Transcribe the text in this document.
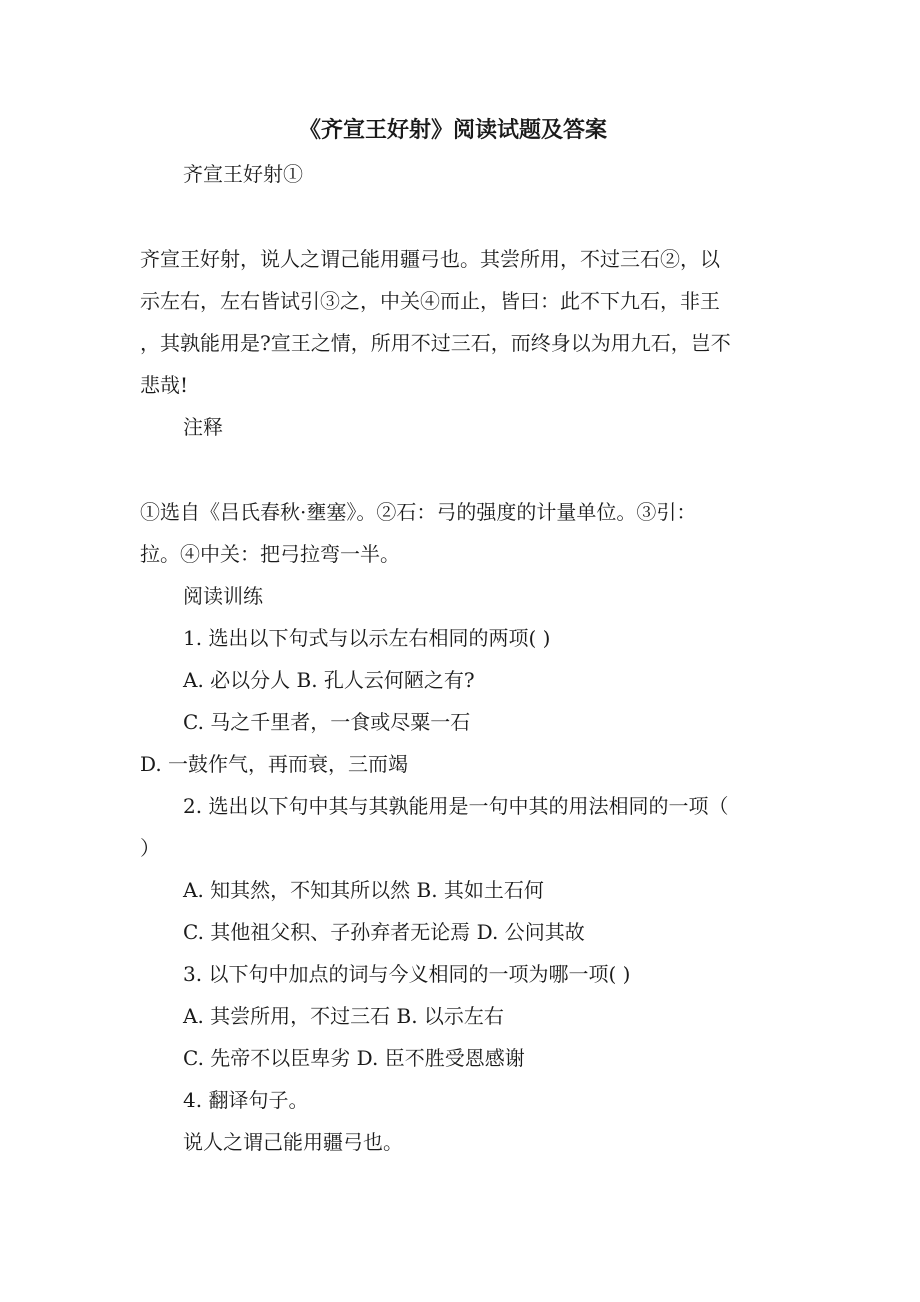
《齐宣王好射》阅读试题及答案
齐宣王好射①
齐宣王好射，说人之谓己能用疆弓也。其尝所用，不过三石②，以
示左右，左右皆试引③之，中关④而止，皆曰：此不下九石，非王
，其孰能用是?宣王之情，所用不过三石，而终身以为用九石，岂不
悲哉!
注释
①选自《吕氏春秋·壅塞》。②石：弓的强度的计量单位。③引：
拉。④中关：把弓拉弯一半。
阅读训练
1. 选出以下句式与以示左右相同的两项( )
A. 必以分人 B. 孔人云何陋之有?
C. 马之千里者，一食或尽粟一石
D. 一鼓作气，再而衰，三而竭
2. 选出以下句中其与其孰能用是一句中其的用法相同的一项（
）
A. 知其然，不知其所以然 B. 其如土石何
C. 其他祖父积、子孙弃者无论焉 D. 公问其故
3. 以下句中加点的词与今义相同的一项为哪一项( )
A. 其尝所用，不过三石 B. 以示左右
C. 先帝不以臣卑劣 D. 臣不胜受恩感谢
4. 翻译句子。
说人之谓己能用疆弓也。
